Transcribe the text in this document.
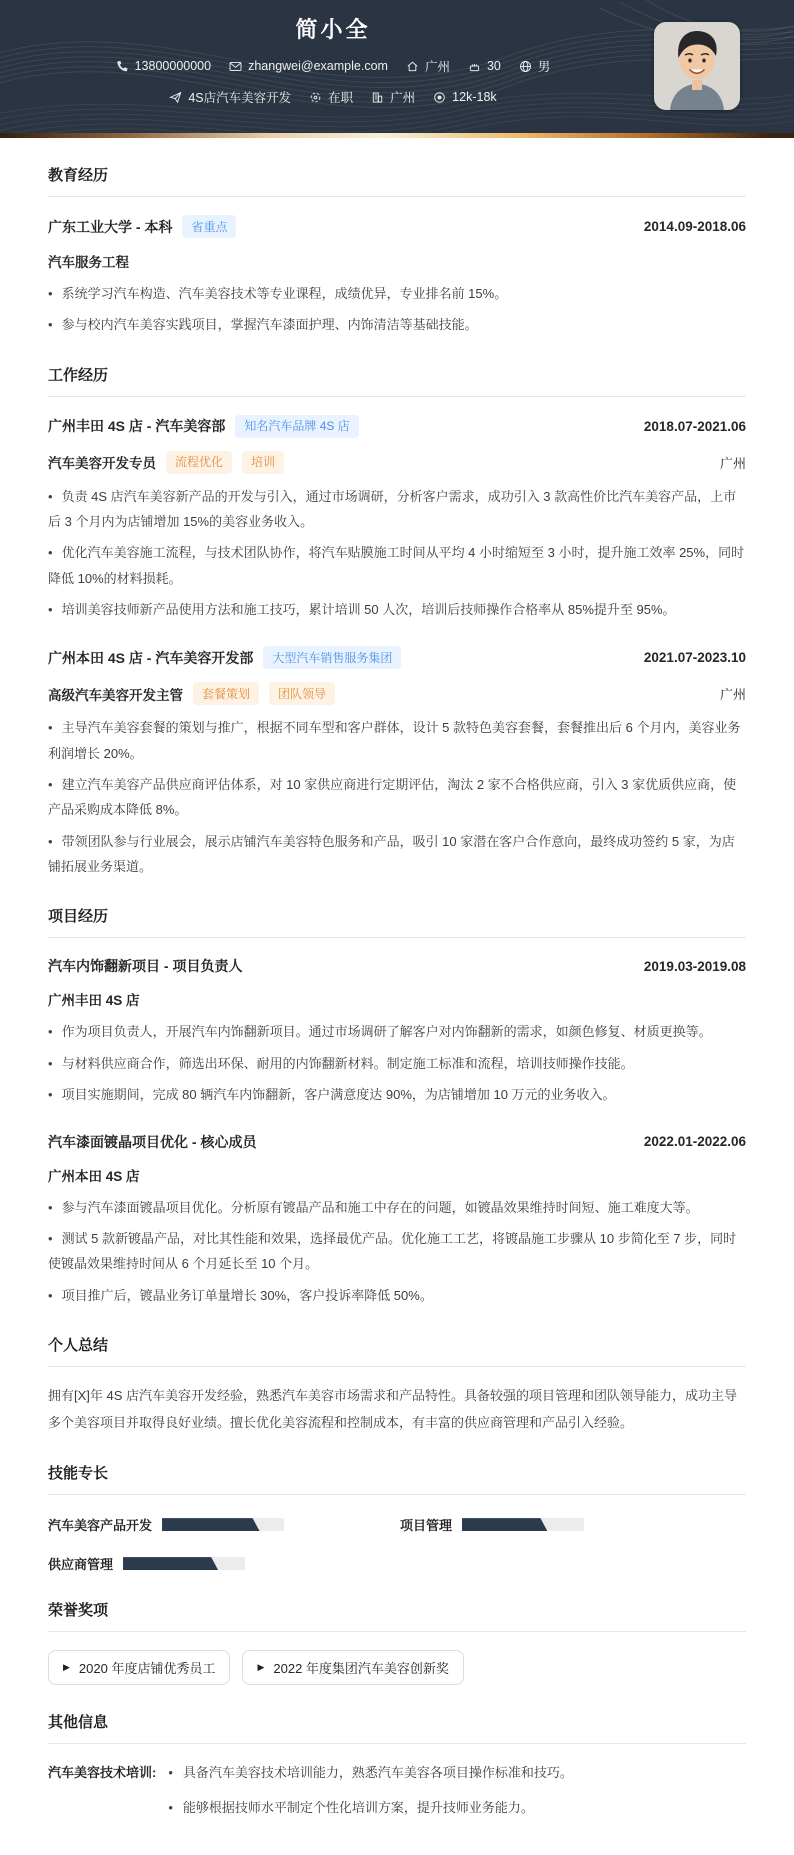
简小全
13800000000	zhangwei@example.com	广州	30	男
4S店汽车美容开发	在职	广州	12k-18k
教育经历
广东工业大学 - 本科	省重点	2014.09-2018.06
汽车服务工程
• 系统学习汽车构造、汽车美容技术等专业课程，成绩优异，专业排名前 15%。
• 参与校内汽车美容实践项目，掌握汽车漆面护理、内饰清洁等基础技能。
工作经历
广州丰田 4S 店 - 汽车美容部	知名汽车品牌 4S 店	2018.07-2021.06
汽车美容开发专员	流程优化	培训	广州
• 负责 4S 店汽车美容新产品的开发与引入，通过市场调研，分析客户需求，成功引入 3 款高性价比汽车美容产品，上市后 3 个月内为店铺增加 15%的美容业务收入。
• 优化汽车美容施工流程，与技术团队协作，将汽车贴膜施工时间从平均 4 小时缩短至 3 小时，提升施工效率 25%，同时降低 10%的材料损耗。
• 培训美容技师新产品使用方法和施工技巧，累计培训 50 人次，培训后技师操作合格率从 85%提升至 95%。
广州本田 4S 店 - 汽车美容开发部	大型汽车销售服务集团	2021.07-2023.10
高级汽车美容开发主管	套餐策划	团队领导	广州
• 主导汽车美容套餐的策划与推广，根据不同车型和客户群体，设计 5 款特色美容套餐，套餐推出后 6 个月内，美容业务利润增长 20%。
• 建立汽车美容产品供应商评估体系，对 10 家供应商进行定期评估，淘汰 2 家不合格供应商，引入 3 家优质供应商，使产品采购成本降低 8%。
• 带领团队参与行业展会，展示店铺汽车美容特色服务和产品，吸引 10 家潜在客户合作意向，最终成功签约 5 家，为店铺拓展业务渠道。
项目经历
汽车内饰翻新项目 - 项目负责人	2019.03-2019.08
广州丰田 4S 店
• 作为项目负责人，开展汽车内饰翻新项目。通过市场调研了解客户对内饰翻新的需求，如颜色修复、材质更换等。
• 与材料供应商合作，筛选出环保、耐用的内饰翻新材料。制定施工标准和流程，培训技师操作技能。
• 项目实施期间，完成 80 辆汽车内饰翻新，客户满意度达 90%，为店铺增加 10 万元的业务收入。
汽车漆面镀晶项目优化 - 核心成员	2022.01-2022.06
广州本田 4S 店
• 参与汽车漆面镀晶项目优化。分析原有镀晶产品和施工中存在的问题，如镀晶效果维持时间短、施工难度大等。
• 测试 5 款新镀晶产品，对比其性能和效果，选择最优产品。优化施工工艺，将镀晶施工步骤从 10 步简化至 7 步，同时使镀晶效果维持时间从 6 个月延长至 10 个月。
• 项目推广后，镀晶业务订单量增长 30%，客户投诉率降低 50%。
个人总结

拥有[X]年 4S 店汽车美容开发经验，熟悉汽车美容市场需求和产品特性。具备较强的项目管理和团队领导能力，成功主导多个美容项目并取得良好业绩。擅长优化美容流程和控制成本，有丰富的供应商管理和产品引入经验。

技能专长
汽车美容产品开发	项目管理
供应商管理
荣誉奖项
▶ 2020 年度店铺优秀员工	▶ 2022 年度集团汽车美容创新奖
其他信息
汽车美容技术培训:	• 具备汽车美容技术培训能力，熟悉汽车美容各项目操作标准和技巧。
• 能够根据技师水平制定个性化培训方案，提升技师业务能力。
